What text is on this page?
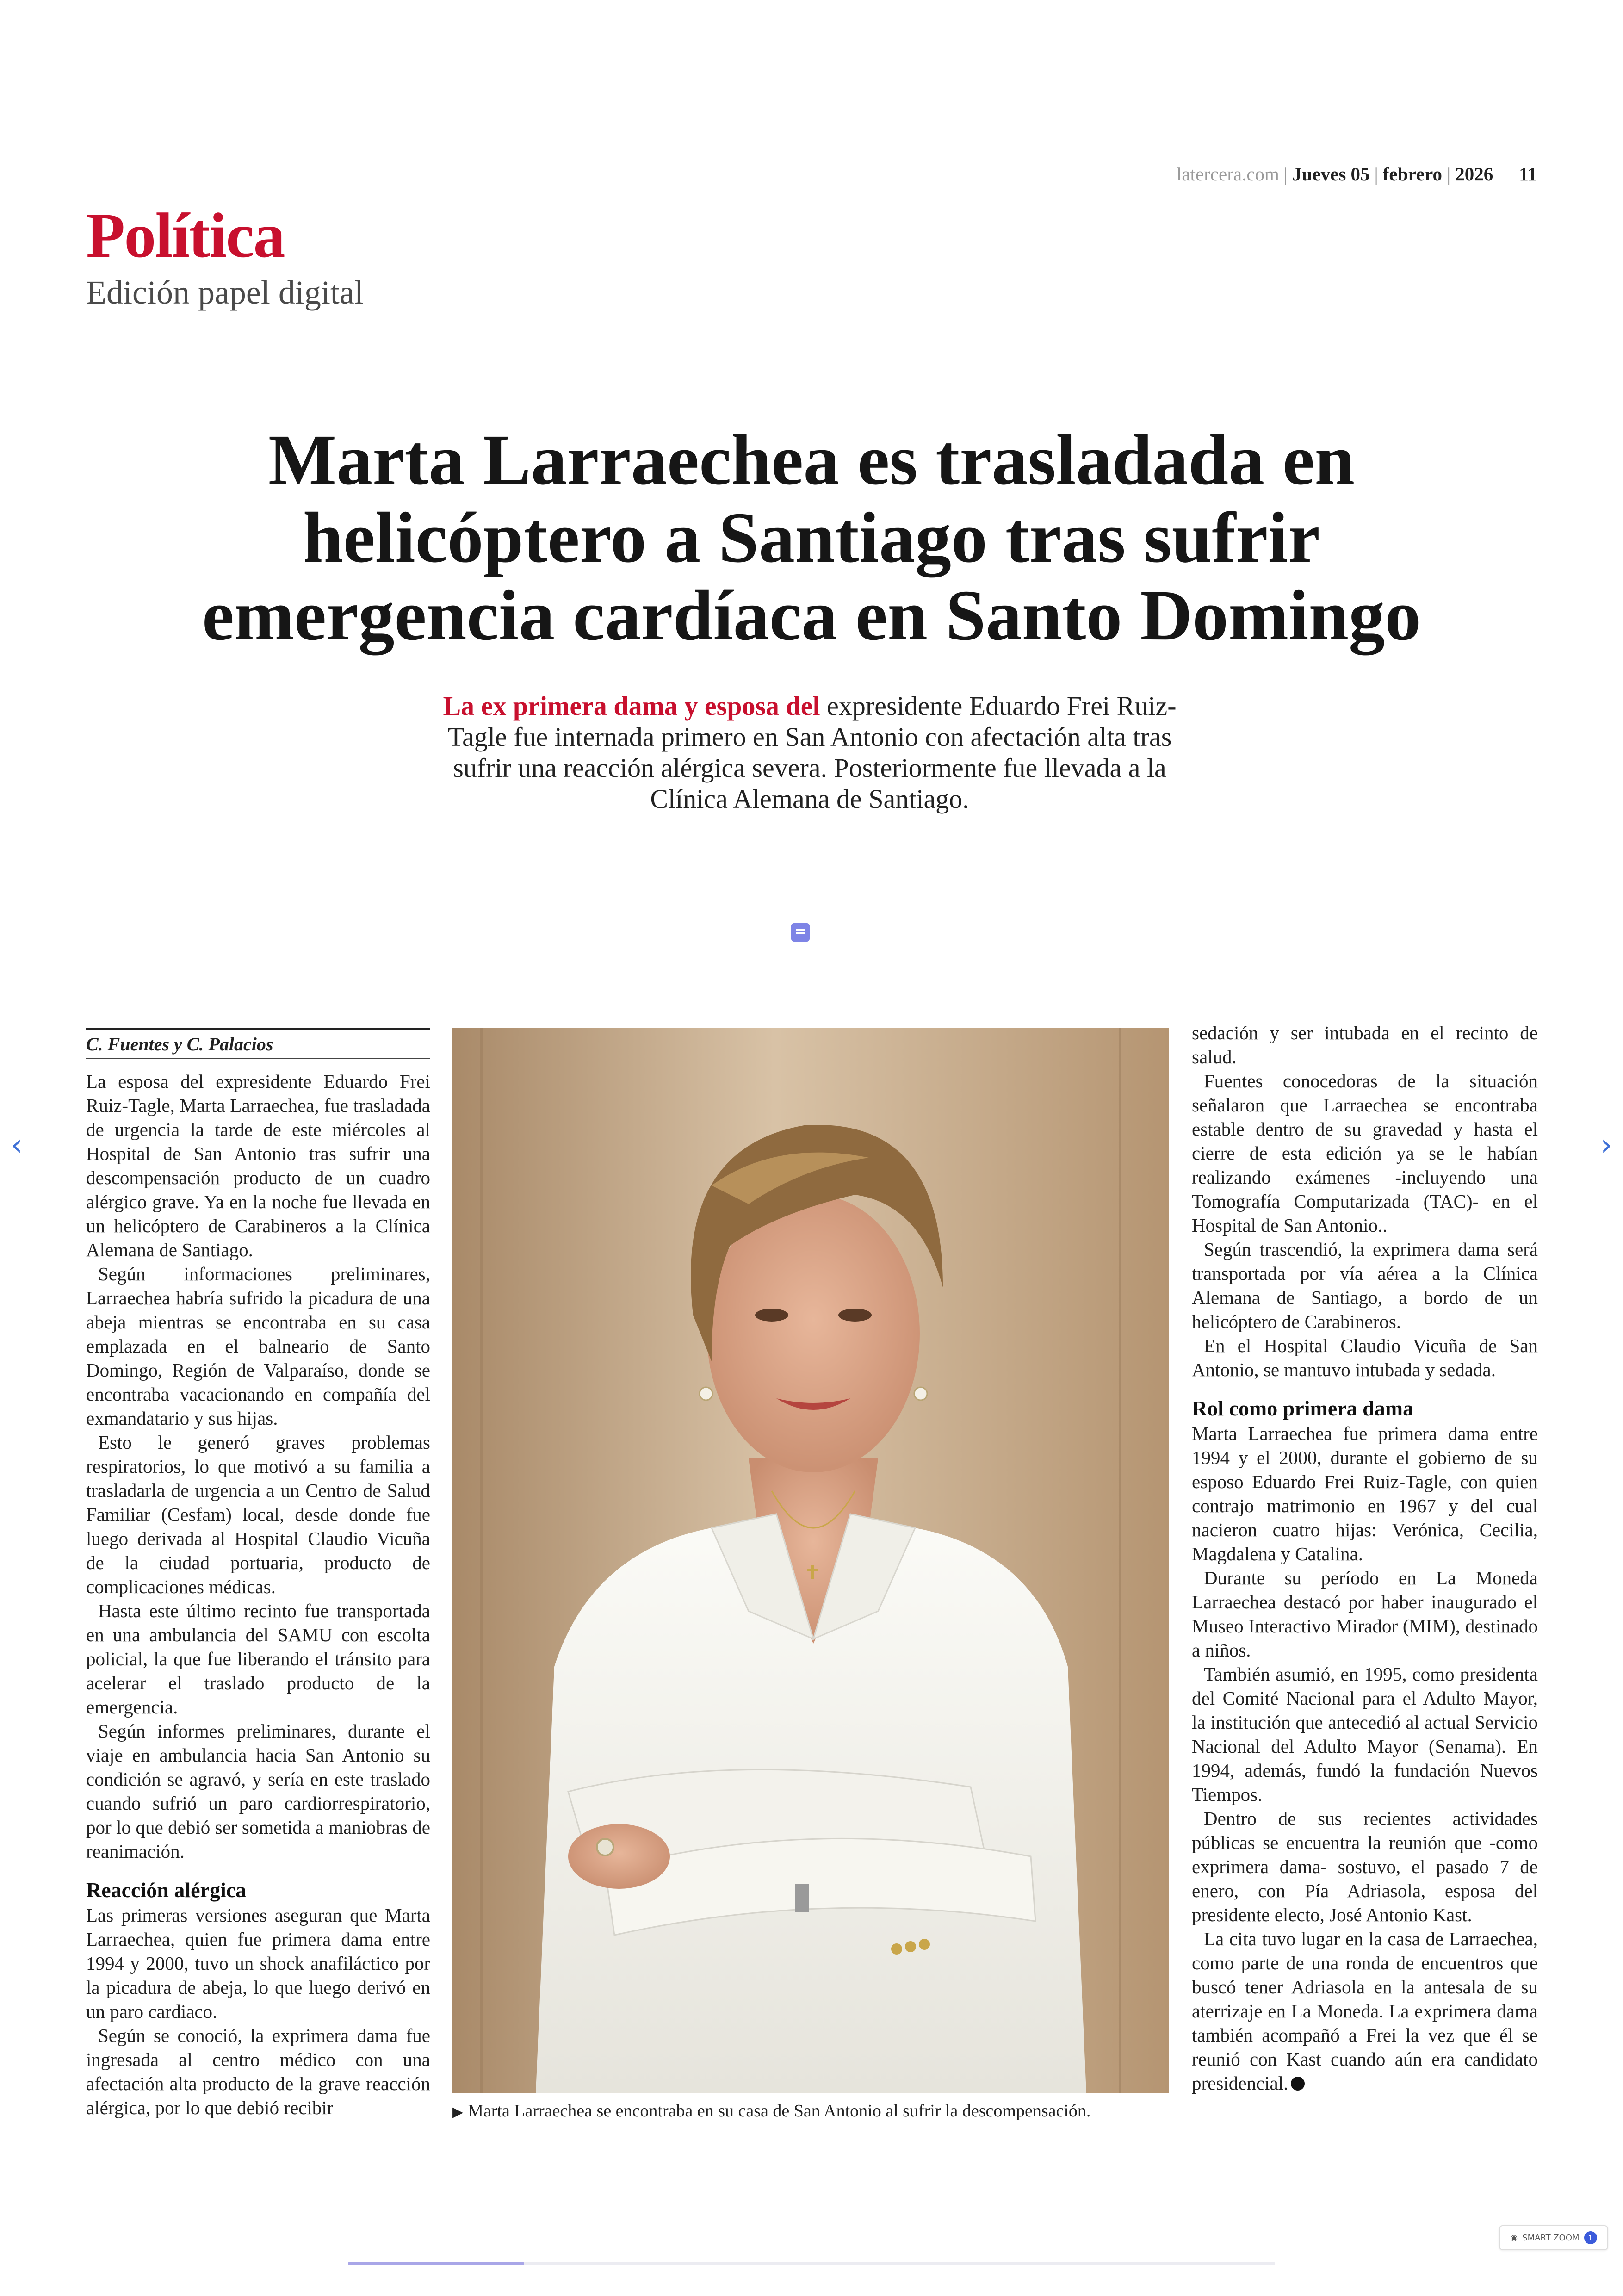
latercera.com | Jueves 05 | febrero | 2026 11
Política
Edición papel digital
Marta Larraechea es trasladada en
helicóptero a Santiago tras sufrir
emergencia cardíaca en Santo Domingo
La ex primera dama y esposa del expresidente Eduardo Frei Ruiz-Tagle fue internada primero en San Antonio con afectación alta tras sufrir una reacción alérgica severa. Posteriormente fue llevada a la Clínica Alemana de Santiago.
‹	›
C. Fuentes y C. Palacios

La esposa del expresidente Eduardo Frei Ruiz-Tagle, Marta Larraechea, fue trasladada de urgencia la tarde de este miércoles al Hospital de San Antonio tras sufrir una descompensación producto de un cuadro alérgico grave. Ya en la noche fue llevada en un helicóptero de Carabineros a la Clínica Alemana de Santiago.

Según informaciones preliminares, Larraechea habría sufrido la picadura de una abeja mientras se encontraba en su casa emplazada en el balneario de Santo Domingo, Región de Valparaíso, donde se encontraba vacacionando en compañía del exmandatario y sus hijas.

Esto le generó graves problemas respiratorios, lo que motivó a su familia a trasladarla de urgencia a un Centro de Salud Familiar (Cesfam) local, desde donde fue luego derivada al Hospital Claudio Vicuña de la ciudad portuaria, producto de complicaciones médicas.

Hasta este último recinto fue transportada en una ambulancia del SAMU con escolta policial, la que fue liberando el tránsito para acelerar el traslado producto de la emergencia.

Según informes preliminares, durante el viaje en ambulancia hacia San Antonio su condición se agravó, y sería en este traslado cuando sufrió un paro cardiorrespiratorio, por lo que debió ser sometida a maniobras de reanimación.

Reacción alérgica

Las primeras versiones aseguran que Marta Larraechea, quien fue primera dama entre 1994 y 2000, tuvo un shock anafiláctico por la picadura de abeja, lo que luego derivó en un paro cardiaco.

Según se conoció, la exprimera dama fue ingresada al centro médico con una afectación alta producto de la grave reacción alérgica, por lo que debió recibir	▶ Marta Larraechea se encontraba en su casa de San Antonio al sufrir la descompensación.

sedación y ser intubada en el recinto de salud.

Fuentes conocedoras de la situación señalaron que Larraechea se encontraba estable dentro de su gravedad y hasta el cierre de esta edición ya se le habían realizando exámenes -incluyendo una Tomografía Computarizada (TAC)- en el Hospital de San Antonio..

Según trascendió, la exprimera dama será transportada por vía aérea a la Clínica Alemana de Santiago, a bordo de un helicóptero de Carabineros.

En el Hospital Claudio Vicuña de San Antonio, se mantuvo intubada y sedada.

Rol como primera dama

Marta Larraechea fue primera dama entre 1994 y el 2000, durante el gobierno de su esposo Eduardo Frei Ruiz-Tagle, con quien contrajo matrimonio en 1967 y del cual nacieron cuatro hijas: Verónica, Cecilia, Magdalena y Catalina.

Durante su período en La Moneda Larraechea destacó por haber inaugurado el Museo Interactivo Mirador (MIM), destinado a niños.

También asumió, en 1995, como presidenta del Comité Nacional para el Adulto Mayor, la institución que antecedió al actual Servicio Nacional del Adulto Mayor (Senama). En 1994, además, fundó la fundación Nuevos Tiempos.

Dentro de sus recientes actividades públicas se encuentra la reunión que -como exprimera dama- sostuvo, el pasado 7 de enero, con Pía Adriasola, esposa del presidente electo, José Antonio Kast.

La cita tuvo lugar en la casa de Larraechea, como parte de una ronda de encuentros que buscó tener Adriasola en la antesala de su aterrizaje en La Moneda. La exprimera dama también acompañó a Frei la vez que él se reunió con Kast cuando aún era candidato presidencial.

◉ SMART ZOOM	1
